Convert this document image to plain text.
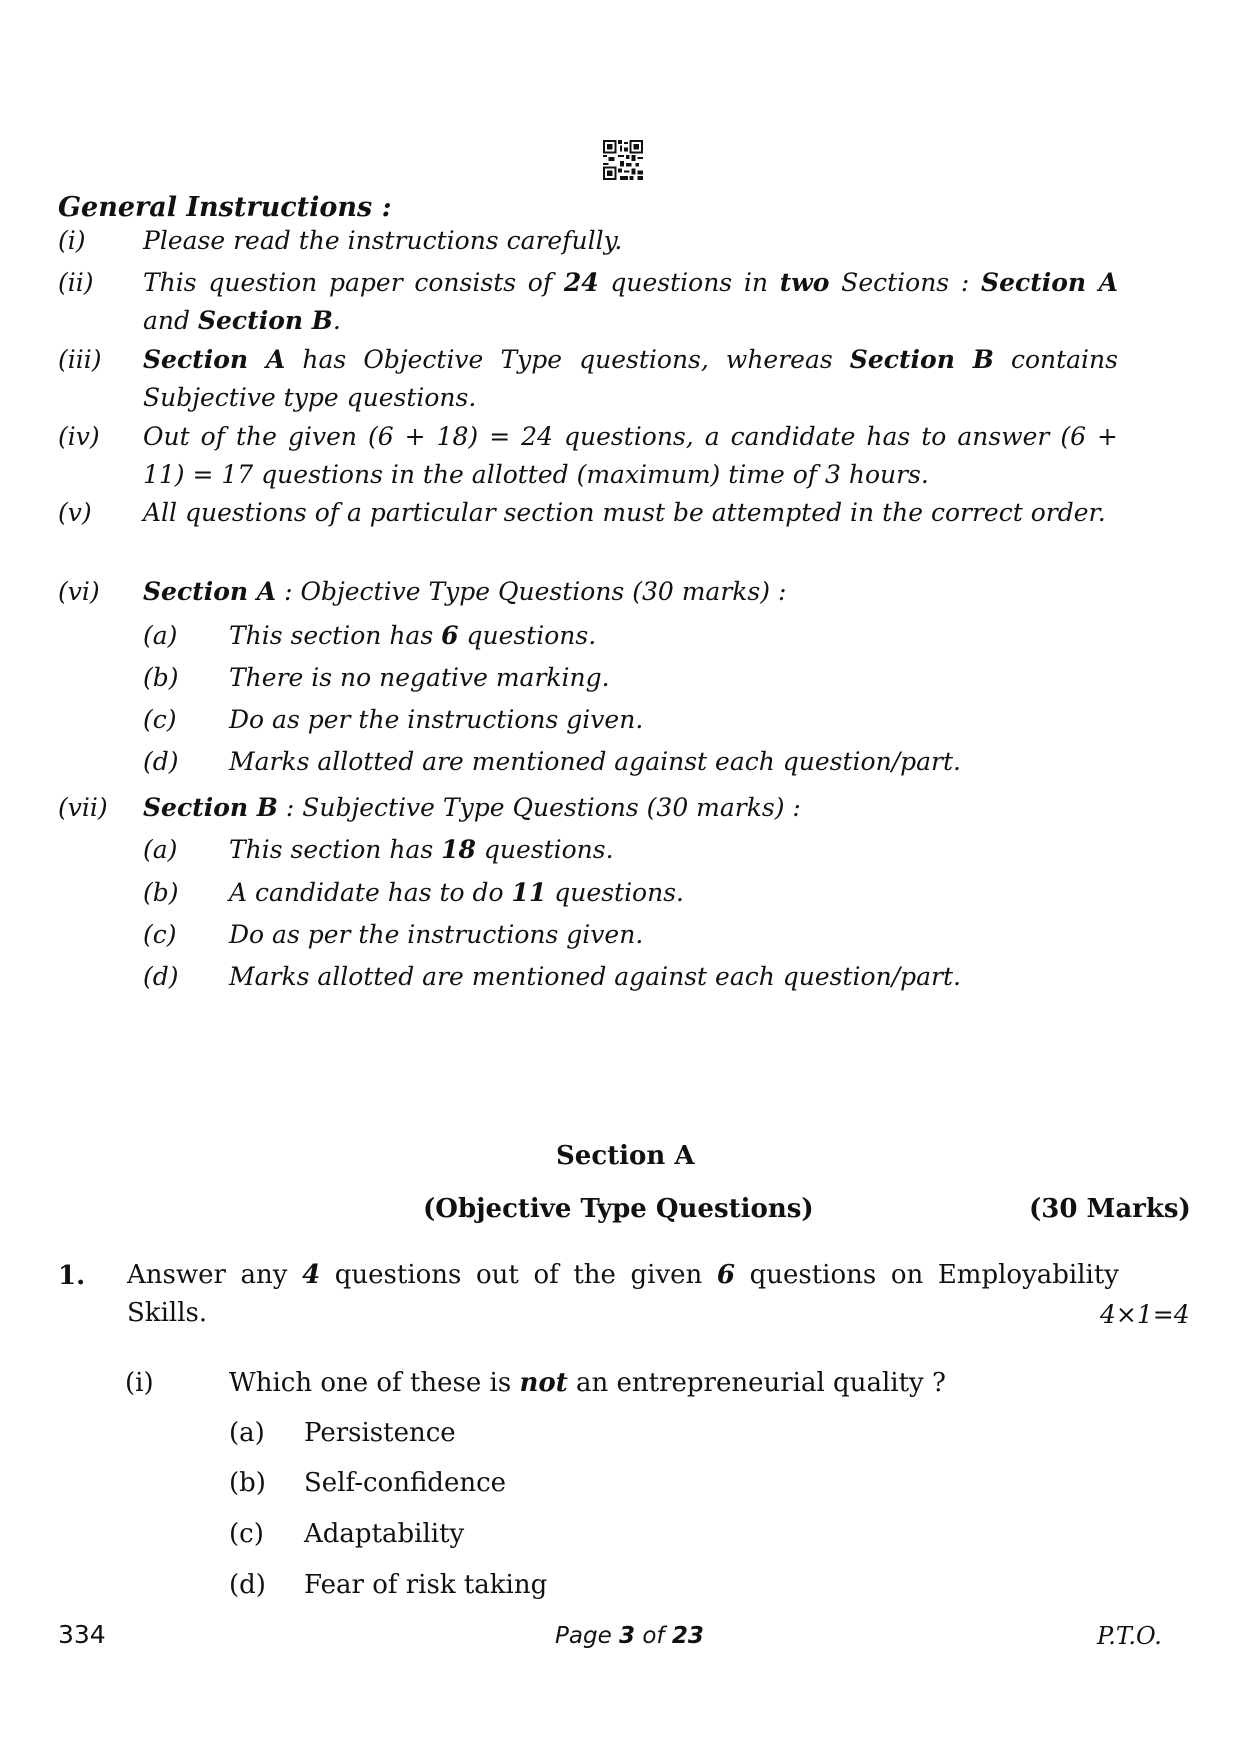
General Instructions :
(i) Please read the instructions carefully.
(ii) This question paper consists of 24 questions in two Sections : Section A and Section B.
(iii) Section A has Objective Type questions, whereas Section B contains Subjective type questions.
(iv) Out of the given (6 + 18) = 24 questions, a candidate has to answer (6 + 11) = 17 questions in the allotted (maximum) time of 3 hours.
(v) All questions of a particular section must be attempted in the correct order.
(vi) Section A : Objective Type Questions (30 marks) :
(a) This section has 6 questions.
(b) There is no negative marking.
(c) Do as per the instructions given.
(d) Marks allotted are mentioned against each question/part.
(vii) Section B : Subjective Type Questions (30 marks) :
(a) This section has 18 questions.
(b) A candidate has to do 11 questions.
(c) Do as per the instructions given.
(d) Marks allotted are mentioned against each question/part.
Section A
(Objective Type Questions)	(30 Marks)
1. Answer any 4 questions out of the given 6 questions on Employability Skills.	4×1=4
(i)	Which one of these is not an entrepreneurial quality ?
(a) Persistence
(b) Self-confidence
(c) Adaptability
(d) Fear of risk taking
334	Page 3 of 23	P.T.O.
